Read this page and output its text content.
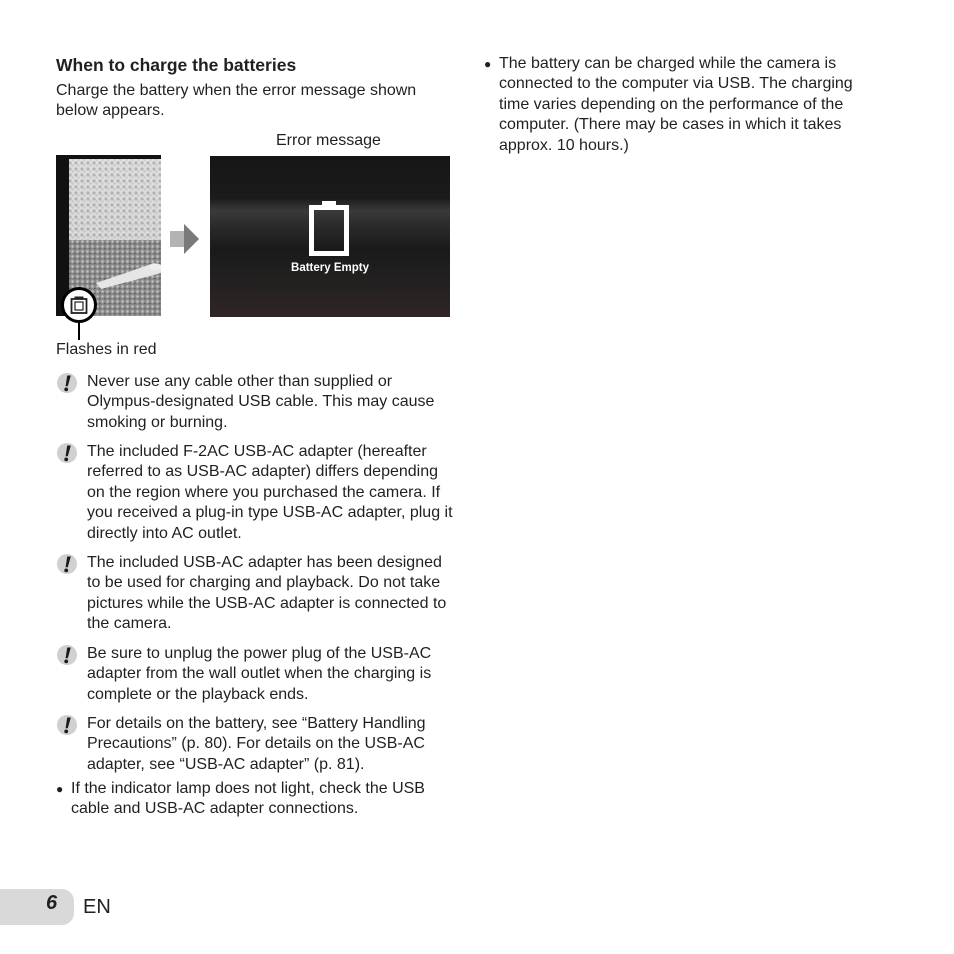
When to charge the batteries

Charge the battery when the error message shown below appears.

Error message
Battery Empty
Flashes in red

Never use any cable other than supplied or Olympus-designated USB cable. This may cause smoking or burning.

The included F-2AC USB-AC adapter (hereafter referred to as USB-AC adapter) differs depending on the region where you purchased the camera. If you received a plug-in type USB-AC adapter, plug it directly into AC outlet.

The included USB-AC adapter has been designed to be used for charging and playback. Do not take pictures while the USB-AC adapter is connected to the camera.

Be sure to unplug the power plug of the USB-AC adapter from the wall outlet when the charging is complete or the playback ends.

For details on the battery, see “Battery Handling Precautions” (p. 80). For details on the USB-AC adapter, see “USB-AC adapter” (p. 81).

● If the indicator lamp does not light, check the USB cable and USB-AC adapter connections.

● The battery can be charged while the camera is connected to the computer via USB. The charging time varies depending on the performance of the computer. (There may be cases in which it takes approx. 10 hours.)

6 EN
